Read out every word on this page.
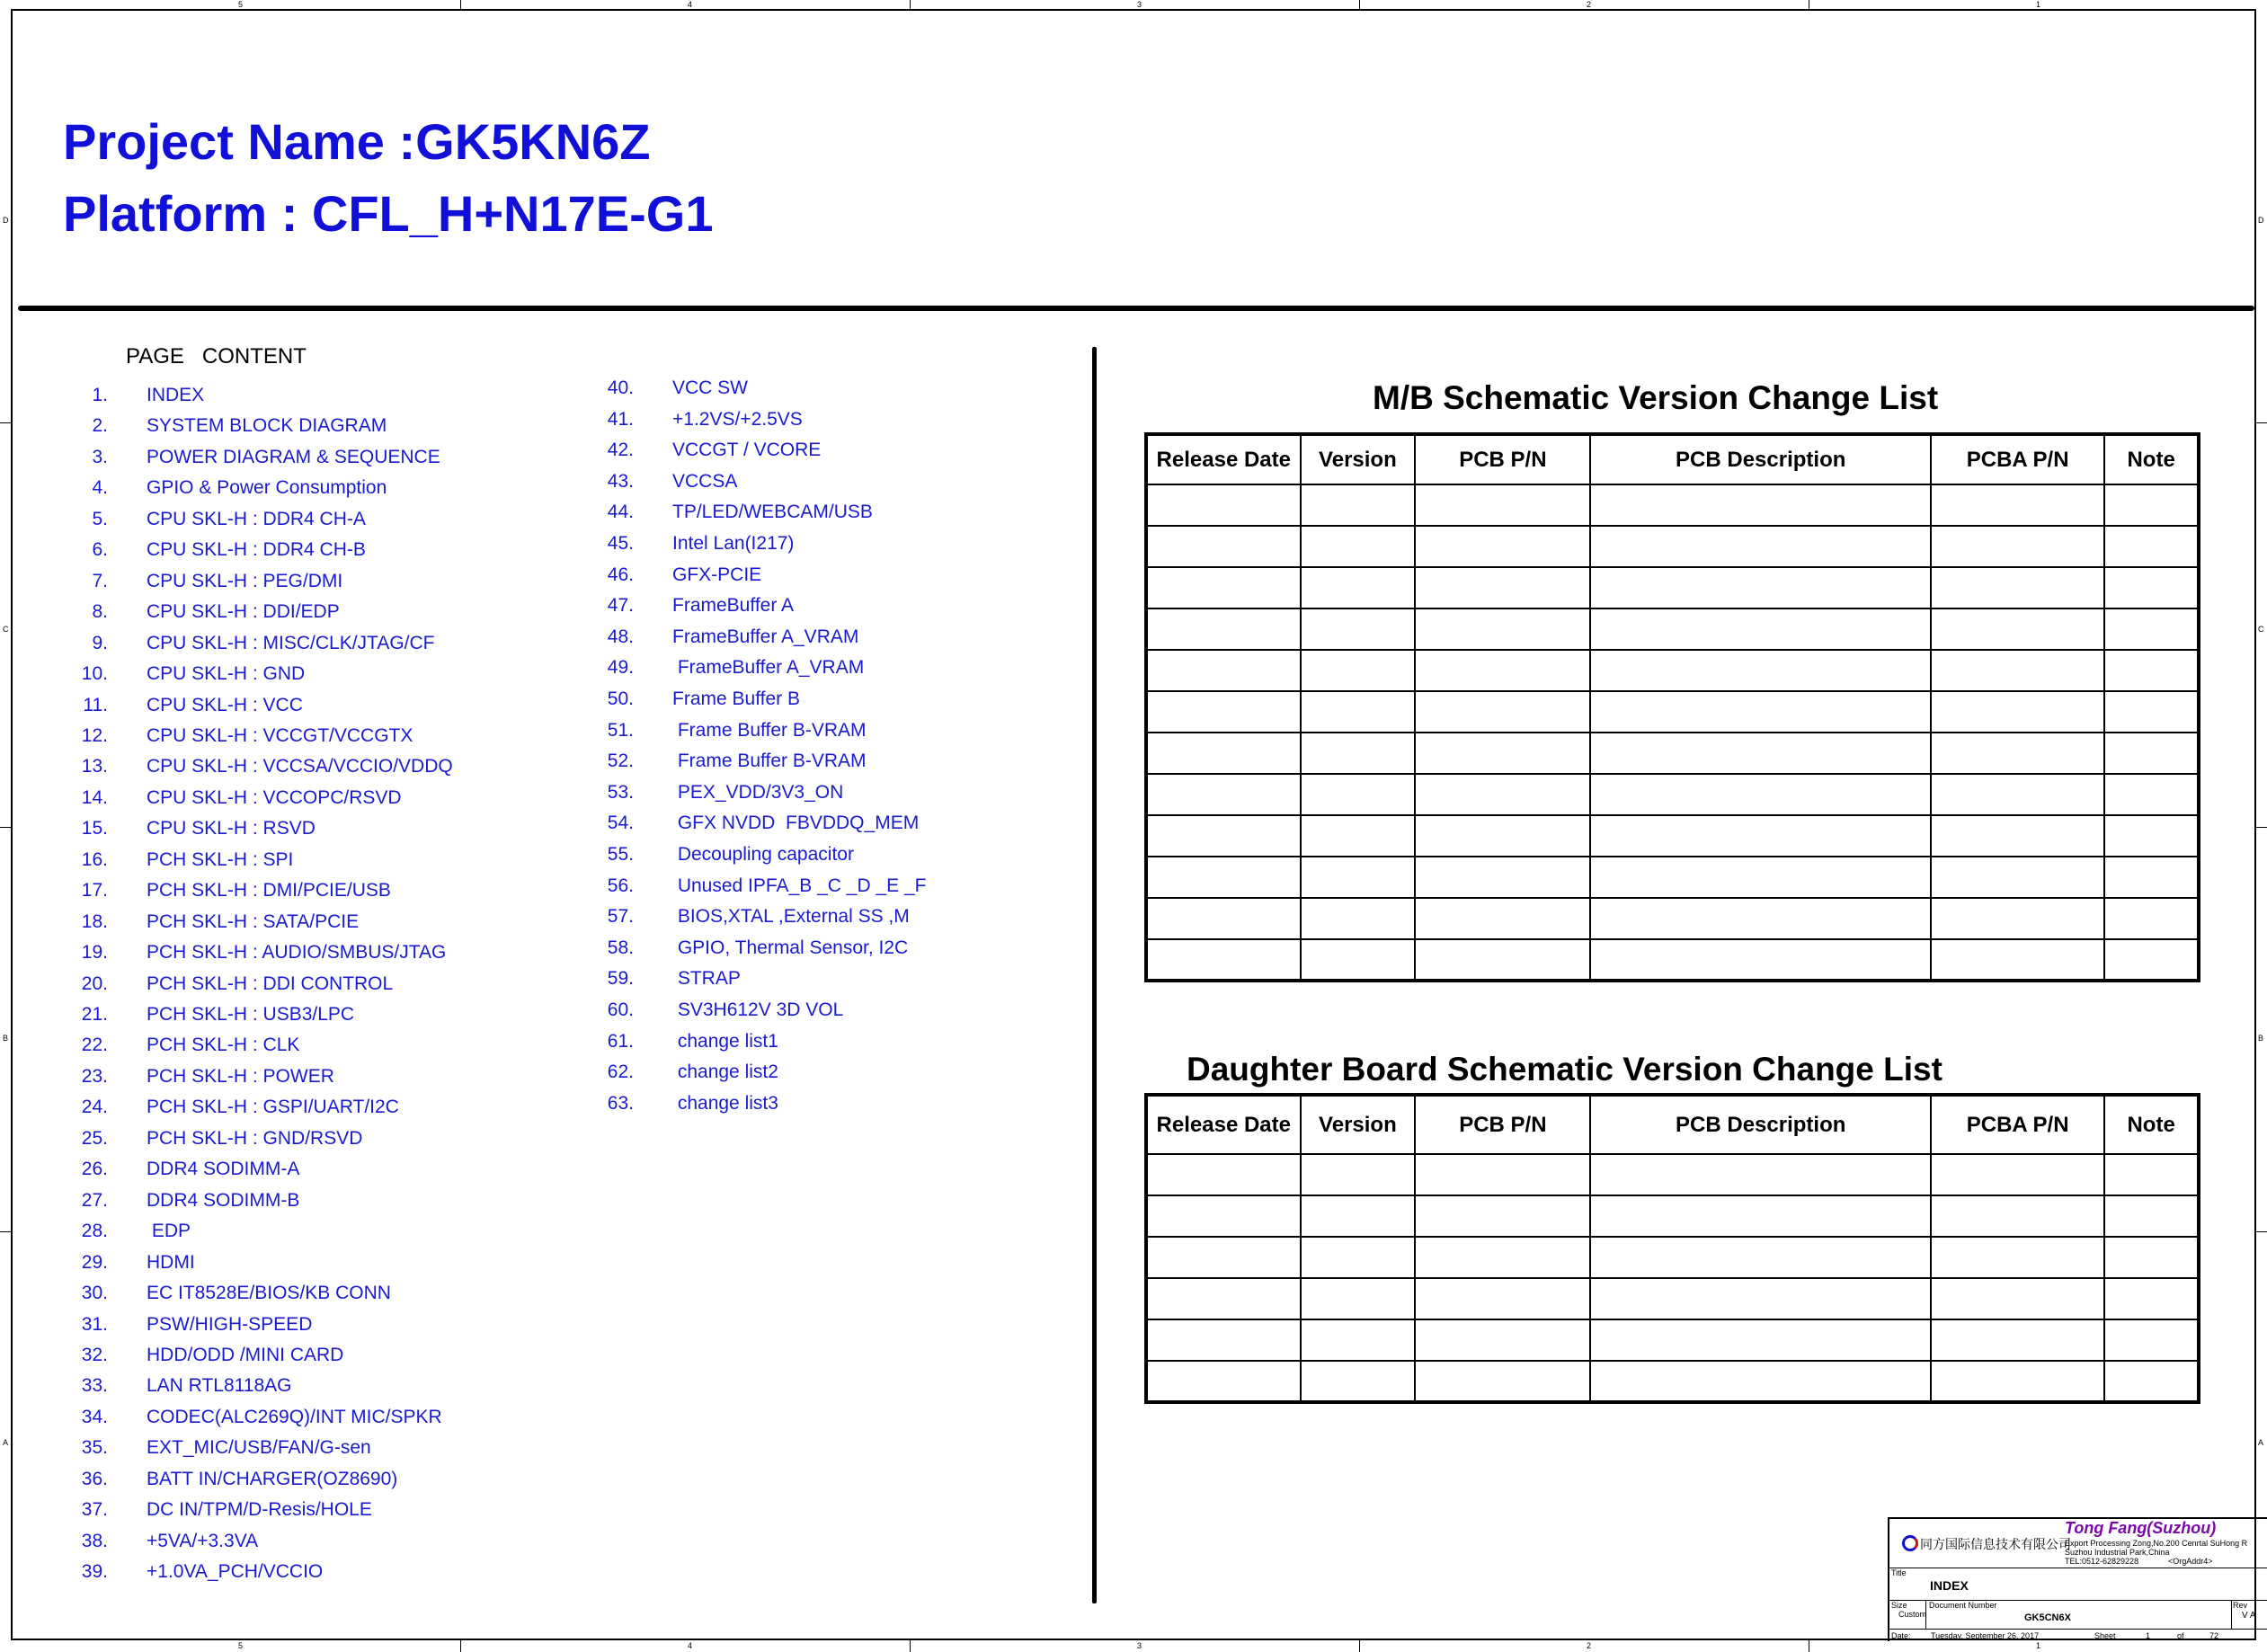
5
5
4
4
3
3
2
2
1
1
D	D
C	C
B	B
A	A
Project Name :GK5KN6Z
Platform : CFL_H+N17E-G1
PAGE   CONTENT
1. INDEX
2. SYSTEM BLOCK DIAGRAM
3. POWER DIAGRAM & SEQUENCE
4. GPIO & Power Consumption
5. CPU SKL-H : DDR4 CH-A
6. CPU SKL-H : DDR4 CH-B
7. CPU SKL-H : PEG/DMI
8. CPU SKL-H : DDI/EDP
9. CPU SKL-H : MISC/CLK/JTAG/CF
10. CPU SKL-H : GND
11. CPU SKL-H : VCC
12. CPU SKL-H : VCCGT/VCCGTX
13. CPU SKL-H : VCCSA/VCCIO/VDDQ
14. CPU SKL-H : VCCOPC/RSVD
15. CPU SKL-H : RSVD
16. PCH SKL-H : SPI
17. PCH SKL-H : DMI/PCIE/USB
18. PCH SKL-H : SATA/PCIE
19. PCH SKL-H : AUDIO/SMBUS/JTAG
20. PCH SKL-H : DDI CONTROL
21. PCH SKL-H : USB3/LPC
22. PCH SKL-H : CLK
23. PCH SKL-H : POWER
24. PCH SKL-H : GSPI/UART/I2C
25. PCH SKL-H : GND/RSVD
26. DDR4 SODIMM-A
27. DDR4 SODIMM-B
28. EDP
29. HDMI
30. EC IT8528E/BIOS/KB CONN
31. PSW/HIGH-SPEED
32. HDD/ODD /MINI CARD
33. LAN RTL8118AG
34. CODEC(ALC269Q)/INT MIC/SPKR
35. EXT_MIC/USB/FAN/G-sen
36. BATT IN/CHARGER(OZ8690)
37. DC IN/TPM/D-Resis/HOLE
38. +5VA/+3.3VA
39. +1.0VA_PCH/VCCIO
40. VCC SW
41. +1.2VS/+2.5VS
42. VCCGT / VCORE
43. VCCSA
44. TP/LED/WEBCAM/USB
45. Intel Lan(I217)
46. GFX-PCIE
47. FrameBuffer A
48. FrameBuffer A_VRAM
49. FrameBuffer A_VRAM
50. Frame Buffer B
51. Frame Buffer B-VRAM
52. Frame Buffer B-VRAM
53. PEX_VDD/3V3_ON
54. GFX NVDD  FBVDDQ_MEM
55. Decoupling capacitor
56. Unused IPFA_B _C _D _E _F
57. BIOS,XTAL ,External SS ,M
58. GPIO, Thermal Sensor, I2C
59. STRAP
60. SV3H612V 3D VOL
61. change list1
62. change list2
63. change list3
M/B Schematic Version Change List
Release Date	Version	PCB P/N	PCB Description	PCBA P/N	Note

Daughter Board Schematic Version Change List
Release Date	Version	PCB P/N	PCB Description	PCBA P/N	Note

同方国际信息技术有限公司
Tong Fang(Suzhou)
Export Processing Zong,No.200 Cenrtal SuHong R
Suzhou Industrial Park,China
TEL:0512-62829228	<OrgAddr4>
Title
INDEX
Size
Custom
Document Number
GK5CN6X
Rev
V A
Date: Tuesday, September 26, 2017	Sheet	1	of	72
